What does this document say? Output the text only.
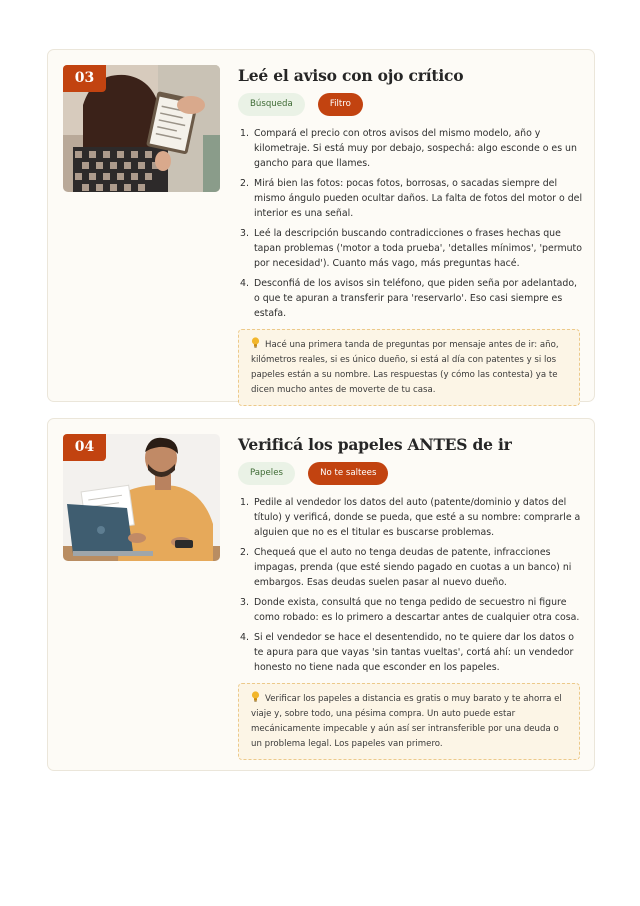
03	Leé el aviso con ojo crítico
Búsqueda	Filtro
1. Compará el precio con otros avisos del mismo modelo, año y kilometraje. Si está muy por debajo, sospechá: algo esconde o es un gancho para que llames.
2. Mirá bien las fotos: pocas fotos, borrosas, o sacadas siempre del mismo ángulo pueden ocultar daños. La falta de fotos del motor o del interior es una señal.
3. Leé la descripción buscando contradicciones o frases hechas que tapan problemas ('motor a toda prueba', 'detalles mínimos', 'permuto por necesidad'). Cuanto más vago, más preguntas hacé.
4. Desconfiá de los avisos sin teléfono, que piden seña por adelantado, o que te apuran a transferir para 'reservarlo'. Eso casi siempre es estafa.
Hacé una primera tanda de preguntas por mensaje antes de ir: año, kilómetros reales, si es único dueño, si está al día con patentes y si los papeles están a su nombre. Las respuestas (y cómo las contesta) ya te dicen mucho antes de moverte de tu casa.
04	Verificá los papeles ANTES de ir
Papeles	No te saltees
1. Pedile al vendedor los datos del auto (patente/dominio y datos del título) y verificá, donde se pueda, que esté a su nombre: comprarle a alguien que no es el titular es buscarse problemas.
2. Chequeá que el auto no tenga deudas de patente, infracciones impagas, prenda (que esté siendo pagado en cuotas a un banco) ni embargos. Esas deudas suelen pasar al nuevo dueño.
3. Donde exista, consultá que no tenga pedido de secuestro ni figure como robado: es lo primero a descartar antes de cualquier otra cosa.
4. Si el vendedor se hace el desentendido, no te quiere dar los datos o te apura para que vayas 'sin tantas vueltas', cortá ahí: un vendedor honesto no tiene nada que esconder en los papeles.
Verificar los papeles a distancia es gratis o muy barato y te ahorra el viaje y, sobre todo, una pésima compra. Un auto puede estar mecánicamente impecable y aún así ser intransferible por una deuda o un problema legal. Los papeles van primero.
